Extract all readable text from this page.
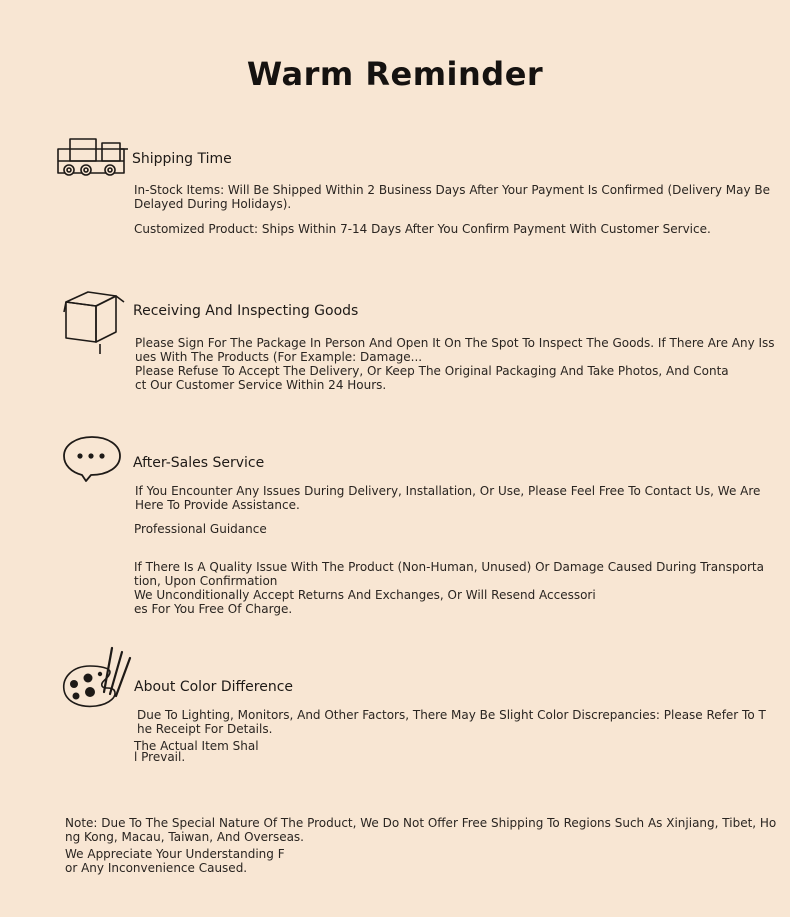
Warm Reminder
Shipping Time
In-Stock Items: Will Be Shipped Within 2 Business Days After Your Payment Is Confirmed (Delivery May Be
Delayed During Holidays).
Customized Product: Ships Within 7-14 Days After You Confirm Payment With Customer Service.
Receiving And Inspecting Goods
Please Sign For The Package In Person And Open It On The Spot To Inspect The Goods. If There Are Any Iss
ues With The Products (For Example: Damage...
Please Refuse To Accept The Delivery, Or Keep The Original Packaging And Take Photos, And Conta
ct Our Customer Service Within 24 Hours.
After-Sales Service
If You Encounter Any Issues During Delivery, Installation, Or Use, Please Feel Free To Contact Us, We Are
Here To Provide Assistance.
Professional Guidance
If There Is A Quality Issue With The Product (Non-Human, Unused) Or Damage Caused During Transporta
tion, Upon Confirmation
We Unconditionally Accept Returns And Exchanges, Or Will Resend Accessori
es For You Free Of Charge.
About Color Difference
Due To Lighting, Monitors, And Other Factors, There May Be Slight Color Discrepancies: Please Refer To T
he Receipt For Details.
The Actual Item Shal
l Prevail.
Note: Due To The Special Nature Of The Product, We Do Not Offer Free Shipping To Regions Such As Xinjiang, Tibet, Ho
ng Kong, Macau, Taiwan, And Overseas.
We Appreciate Your Understanding F
or Any Inconvenience Caused.
